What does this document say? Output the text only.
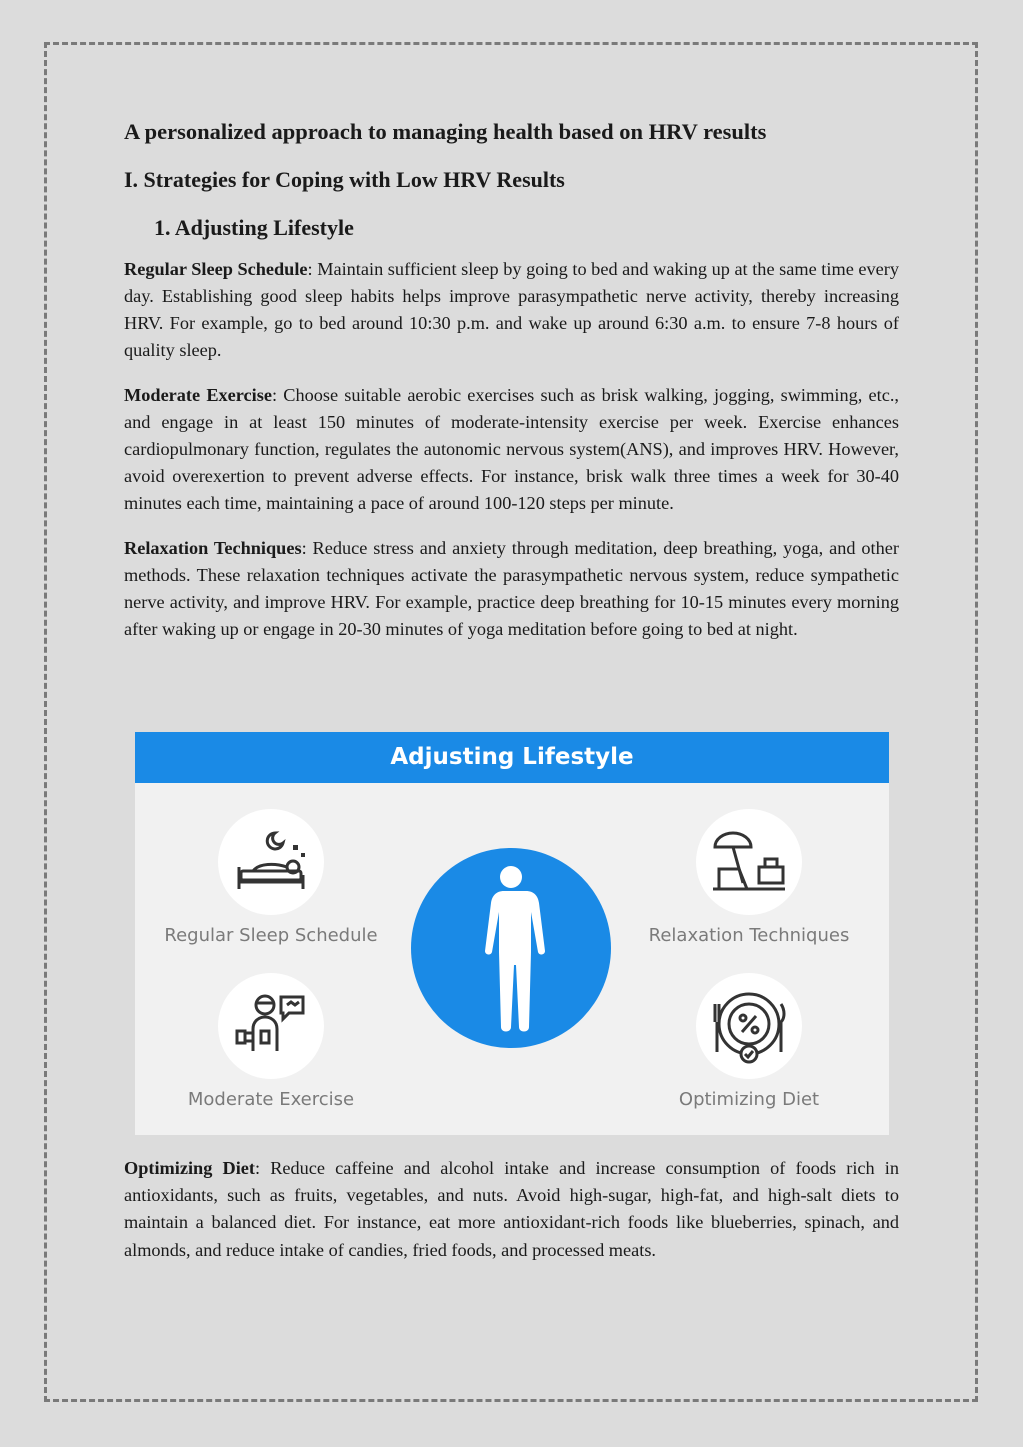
A personalized approach to managing health based on HRV results
I. Strategies for Coping with Low HRV Results
1. Adjusting Lifestyle

Regular Sleep Schedule: Maintain sufficient sleep by going to bed and waking up at the same time every day. Establishing good sleep habits helps improve parasympathetic nerve activity, thereby increasing HRV. For example, go to bed around 10:30 p.m. and wake up around 6:30 a.m. to ensure 7-8 hours of quality sleep.

Moderate Exercise: Choose suitable aerobic exercises such as brisk walking, jogging, swimming, etc., and engage in at least 150 minutes of moderate-intensity exercise per week. Exercise enhances cardiopulmonary function, regulates the autonomic nervous system(ANS), and improves HRV. However, avoid overexertion to prevent adverse effects. For instance, brisk walk three times a week for 30-40 minutes each time, maintaining a pace of around 100-120 steps per minute.

Relaxation Techniques: Reduce stress and anxiety through meditation, deep breathing, yoga, and other methods. These relaxation techniques activate the parasympathetic nervous system, reduce sympathetic nerve activity, and improve HRV. For example, practice deep breathing for 10-15 minutes every morning after waking up or engage in 20-30 minutes of yoga meditation before going to bed at night.

Adjusting Lifestyle
Regular Sleep Schedule	Relaxation Techniques
Moderate Exercise	Optimizing Diet

Optimizing Diet: Reduce caffeine and alcohol intake and increase consumption of foods rich in antioxidants, such as fruits, vegetables, and nuts. Avoid high-sugar, high-fat, and high-salt diets to maintain a balanced diet. For instance, eat more antioxidant-rich foods like blueberries, spinach, and almonds, and reduce intake of candies, fried foods, and processed meats.
